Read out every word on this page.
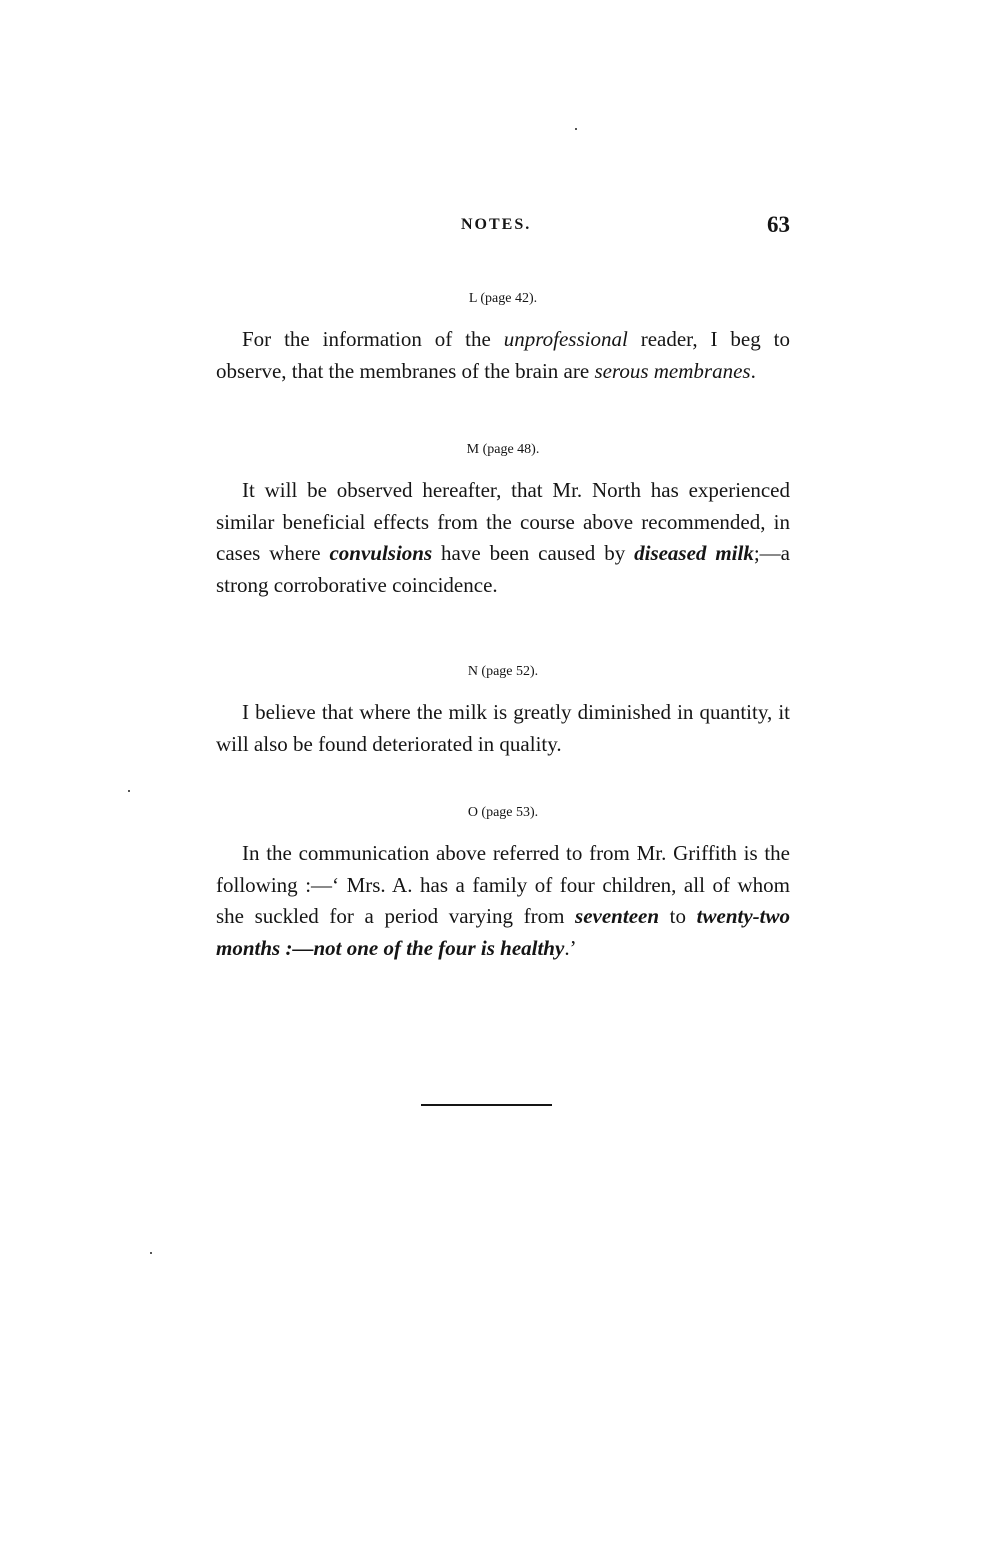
NOTES.	63
L (page 42).

For the information of the unprofessional reader, I beg to observe, that the membranes of the brain are serous membranes.

M (page 48).

It will be observed hereafter, that Mr. North has experienced similar beneficial effects from the course above recommended, in cases where convulsions have been caused by diseased milk;—a strong corroborative coincidence.

N (page 52).

I believe that where the milk is greatly diminished in quantity, it will also be found deteriorated in quality.

O (page 53).

In the communication above referred to from Mr. Griffith is the following :—‘ Mrs. A. has a family of four children, all of whom she suckled for a period varying from seventeen to twenty-two months :—not one of the four is healthy.’
